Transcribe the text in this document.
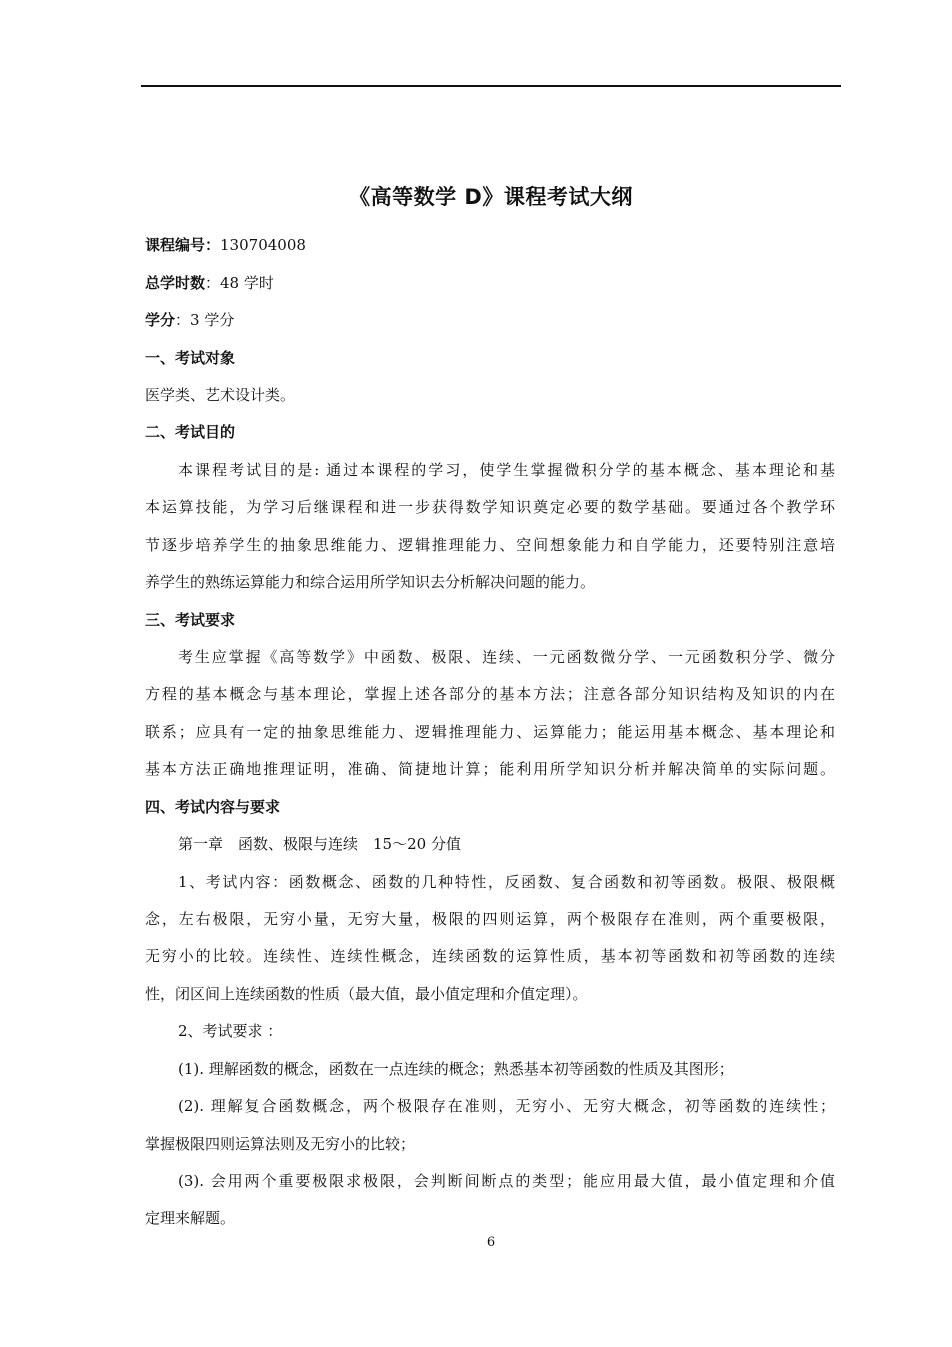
《高等数学 D》课程考试大纲
课程编号：130704008
总学时数：48 学时
学分：3 学分
一、考试对象
医学类、艺术设计类。
二、考试目的
本课程考试目的是: 通过本课程的学习，使学生掌握微积分学的基本概念、基本理论和基
本运算技能，为学习后继课程和进一步获得数学知识奠定必要的数学基础。要通过各个教学环
节逐步培养学生的抽象思维能力、逻辑推理能力、空间想象能力和自学能力，还要特别注意培
养学生的熟练运算能力和综合运用所学知识去分析解决问题的能力。
三、考试要求
考生应掌握《高等数学》中函数、极限、连续、一元函数微分学、一元函数积分学、微分
方程的基本概念与基本理论，掌握上述各部分的基本方法；注意各部分知识结构及知识的内在
联系；应具有一定的抽象思维能力、逻辑推理能力、运算能力；能运用基本概念、基本理论和
基本方法正确地推理证明，准确、简捷地计算；能利用所学知识分析并解决简单的实际问题。
四、考试内容与要求
第一章　函数、极限与连续　15～20 分值
1、考试内容：函数概念、函数的几种特性，反函数、复合函数和初等函数。极限、极限概
念，左右极限，无穷小量，无穷大量，极限的四则运算，两个极限存在准则，两个重要极限，
无穷小的比较。连续性、连续性概念，连续函数的运算性质，基本初等函数和初等函数的连续
性，闭区间上连续函数的性质（最大值，最小值定理和介值定理）。
2、考试要求 ：
(1). 理解函数的概念，函数在一点连续的概念；熟悉基本初等函数的性质及其图形；
(2). 理解复合函数概念，两个极限存在准则，无穷小、无穷大概念，初等函数的连续性；
掌握极限四则运算法则及无穷小的比较；
(3). 会用两个重要极限求极限，会判断间断点的类型；能应用最大值，最小值定理和介值
定理来解题。
6
